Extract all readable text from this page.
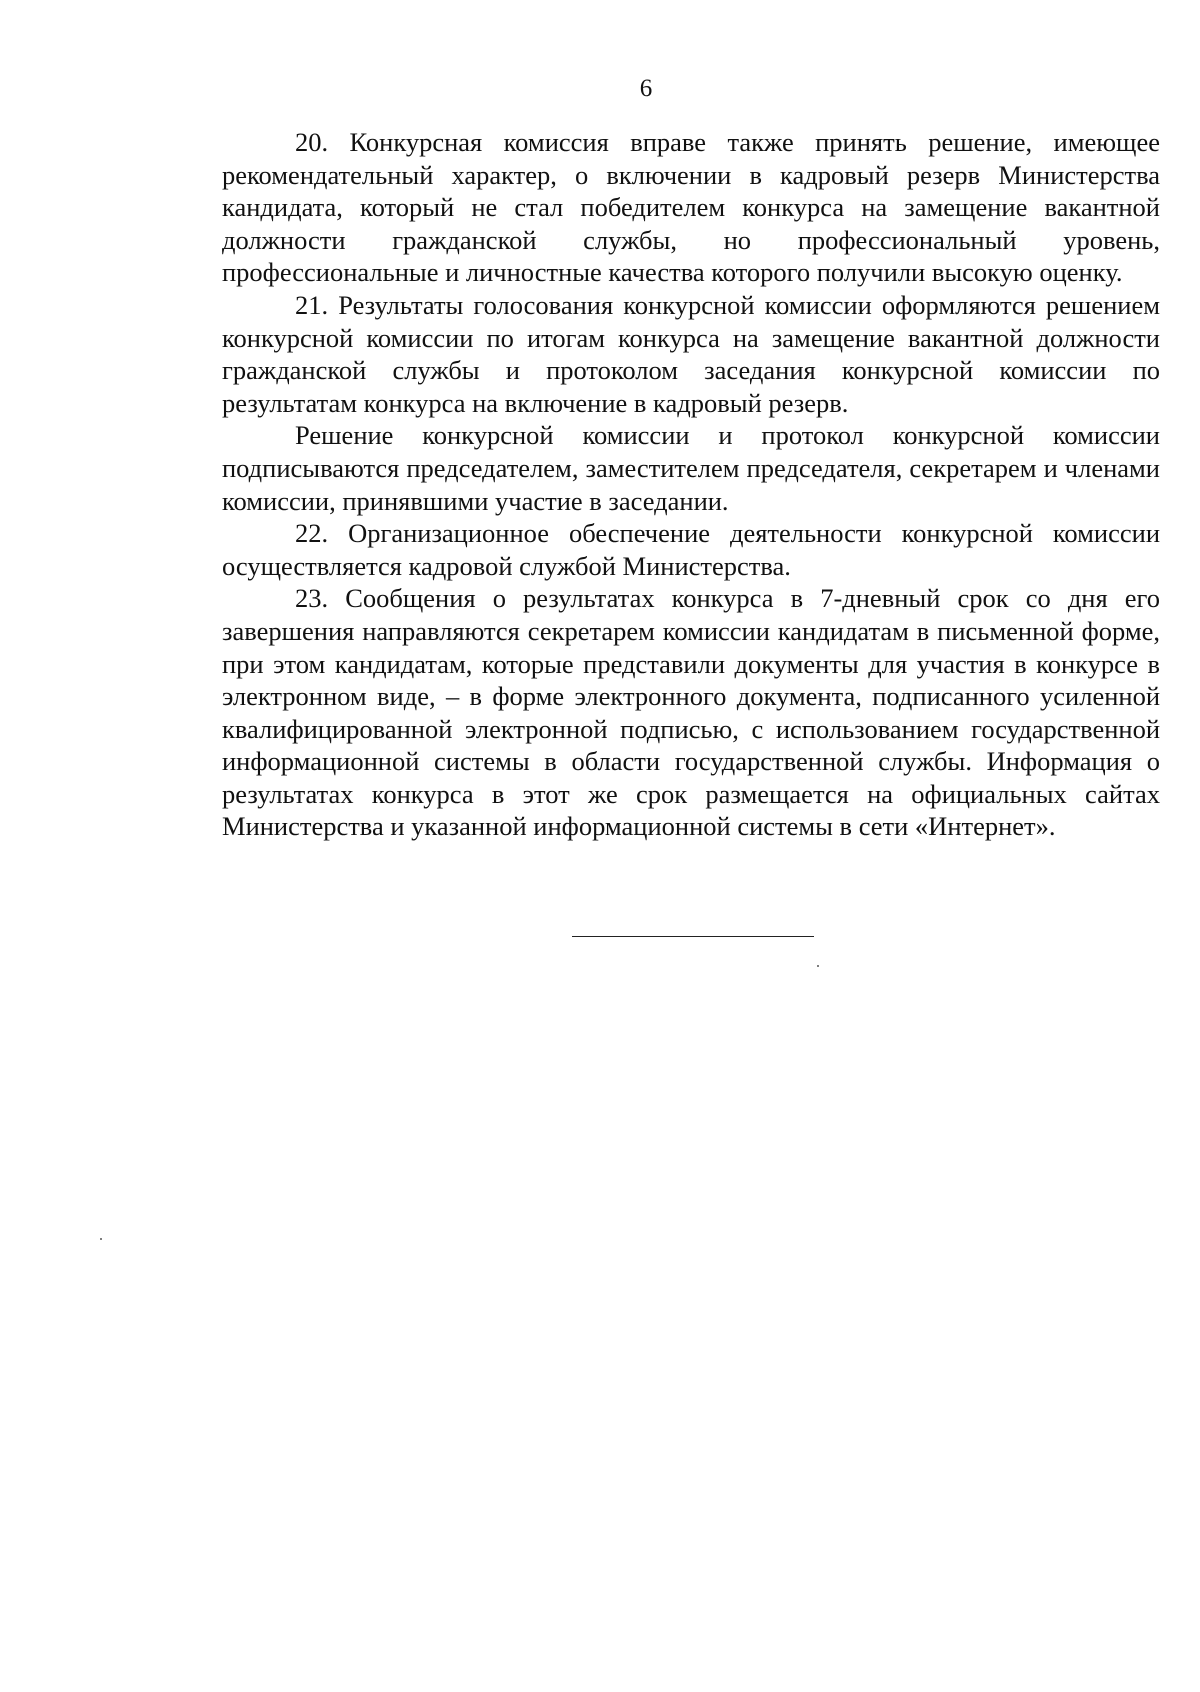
6

20. Конкурсная комиссия вправе также принять решение, имеющее рекомендательный характер, о включении в кадровый резерв Министерства кандидата, который не стал победителем конкурса на замещение вакантной должности гражданской службы, но профессиональный уровень, профессиональные и личностные качества которого получили высокую оценку.

21. Результаты голосования конкурсной комиссии оформляются решением конкурсной комиссии по итогам конкурса на замещение вакантной должности гражданской службы и протоколом заседания конкурсной комиссии по результатам конкурса на включение в кадровый резерв.

Решение конкурсной комиссии и протокол конкурсной комиссии подписываются председателем, заместителем председателя, секретарем и членами комиссии, принявшими участие в заседании.

22. Организационное обеспечение деятельности конкурсной комиссии осуществляется кадровой службой Министерства.

23. Сообщения о результатах конкурса в 7-дневный срок со дня его завершения направляются секретарем комиссии кандидатам в письменной форме, при этом кандидатам, которые представили документы для участия в конкурсе в электронном виде, – в форме электронного документа, подписанного усиленной квалифицированной электронной подписью, с использованием государственной информационной системы в области государственной службы. Информация о результатах конкурса в этот же срок размещается на официальных сайтах Министерства и указанной информационной системы в сети «Интернет».
